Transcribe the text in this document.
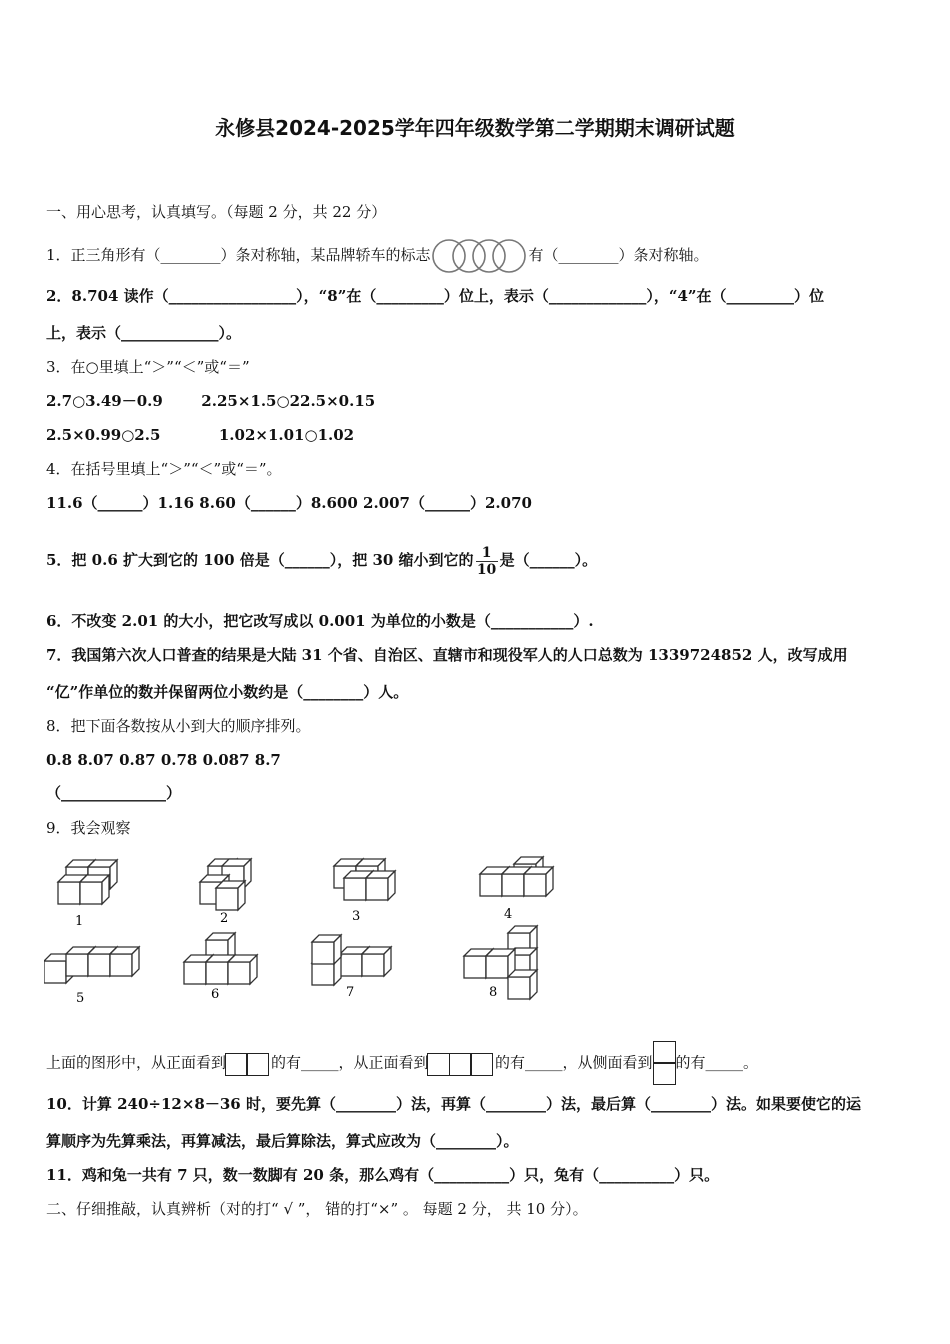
永修县2024-2025学年四年级数学第二学期期末调研试题
一、用心思考，认真填写。（每题 2 分，共 22 分）
1．正三角形有（________）条对称轴，某品牌轿车的标志	有（________）条对称轴。
2．8.704 读作（_________________），“8”在（_________）位上，表示（_____________），“4”在（_________）位
上，表示（_____________）。
3．在○里填上“＞”“＜”或“＝”
2.7○3.49－0.9	2.25×1.5○22.5×0.15
2.5×0.99○2.5	1.02×1.01○1.02
4．在括号里填上“＞”“＜”或“＝”。
11.6（______）1.16 8.60（______）8.600 2.007（______）2.070
5．把 0.6 扩大到它的 100 倍是（______），把 30 缩小到它的 $\frac{1}{10}$ 是（______）。
6．不改变 2.01 的大小，把它改写成以 0.001 为单位的小数是（___________）.
7．我国第六次人口普查的结果是大陆 31 个省、自治区、直辖市和现役军人的人口总数为 1339724852 人，改写成用
“亿”作单位的数并保留两位小数约是（________）人。
8．把下面各数按从小到大的顺序排列。
0.8 8.07 0.87 0.78 0.087 8.7
（______________）
9．我会观察
1	2	3	4
5	6	7	8
上面的图形中，从正面看到	的有_____，从正面看到	的有_____，从侧面看到 的有_____。
10．计算 240÷12×8－36 时，要先算（________）法，再算（________）法，最后算（________）法。如果要使它的运
算顺序为先算乘法，再算减法，最后算除法，算式应改为（________）。
11．鸡和兔一共有 7 只，数一数脚有 20 条，那么鸡有（__________）只，兔有（__________）只。
二、仔细推敲，认真辨析（对的打“ √ ”， 错的打“×” 。 每题 2 分， 共 10 分）。
